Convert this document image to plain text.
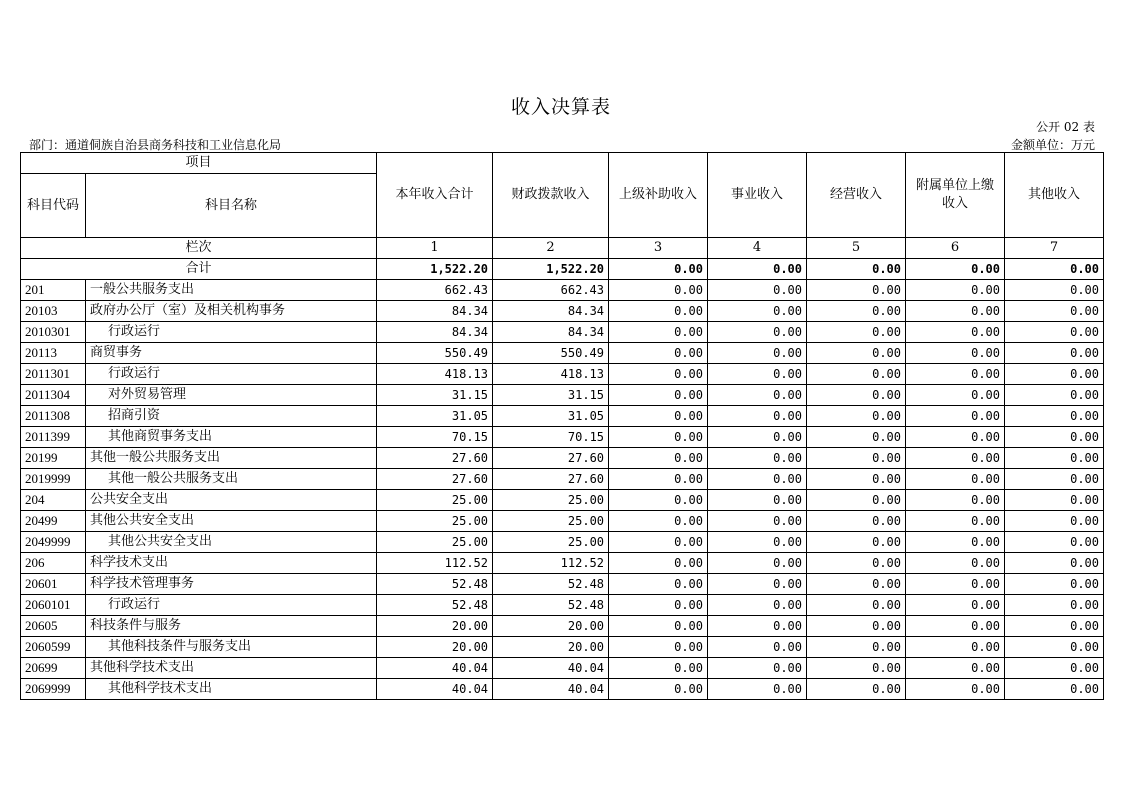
收入决算表
公开 02 表
部门：通道侗族自治县商务科技和工业信息化局	金额单位：万元
项目		本年收入合计	财政拨款收入	上级补助收入	事业收入	经营收入	附属单位上缴收入	其他收入
科目代码	科目名称							
栏次		1	2	3	4	5	6	7
合计		1,522.20	1,522.20	0.00	0.00	0.00	0.00	0.00
201	一般公共服务支出	662.43	662.43	0.00	0.00	0.00	0.00	0.00
20103	政府办公厅（室）及相关机构事务	84.34	84.34	0.00	0.00	0.00	0.00	0.00
2010301	行政运行	84.34	84.34	0.00	0.00	0.00	0.00	0.00
20113	商贸事务	550.49	550.49	0.00	0.00	0.00	0.00	0.00
2011301	行政运行	418.13	418.13	0.00	0.00	0.00	0.00	0.00
2011304	对外贸易管理	31.15	31.15	0.00	0.00	0.00	0.00	0.00
2011308	招商引资	31.05	31.05	0.00	0.00	0.00	0.00	0.00
2011399	其他商贸事务支出	70.15	70.15	0.00	0.00	0.00	0.00	0.00
20199	其他一般公共服务支出	27.60	27.60	0.00	0.00	0.00	0.00	0.00
2019999	其他一般公共服务支出	27.60	27.60	0.00	0.00	0.00	0.00	0.00
204	公共安全支出	25.00	25.00	0.00	0.00	0.00	0.00	0.00
20499	其他公共安全支出	25.00	25.00	0.00	0.00	0.00	0.00	0.00
2049999	其他公共安全支出	25.00	25.00	0.00	0.00	0.00	0.00	0.00
206	科学技术支出	112.52	112.52	0.00	0.00	0.00	0.00	0.00
20601	科学技术管理事务	52.48	52.48	0.00	0.00	0.00	0.00	0.00
2060101	行政运行	52.48	52.48	0.00	0.00	0.00	0.00	0.00
20605	科技条件与服务	20.00	20.00	0.00	0.00	0.00	0.00	0.00
2060599	其他科技条件与服务支出	20.00	20.00	0.00	0.00	0.00	0.00	0.00
20699	其他科学技术支出	40.04	40.04	0.00	0.00	0.00	0.00	0.00
2069999	其他科学技术支出	40.04	40.04	0.00	0.00	0.00	0.00	0.00
